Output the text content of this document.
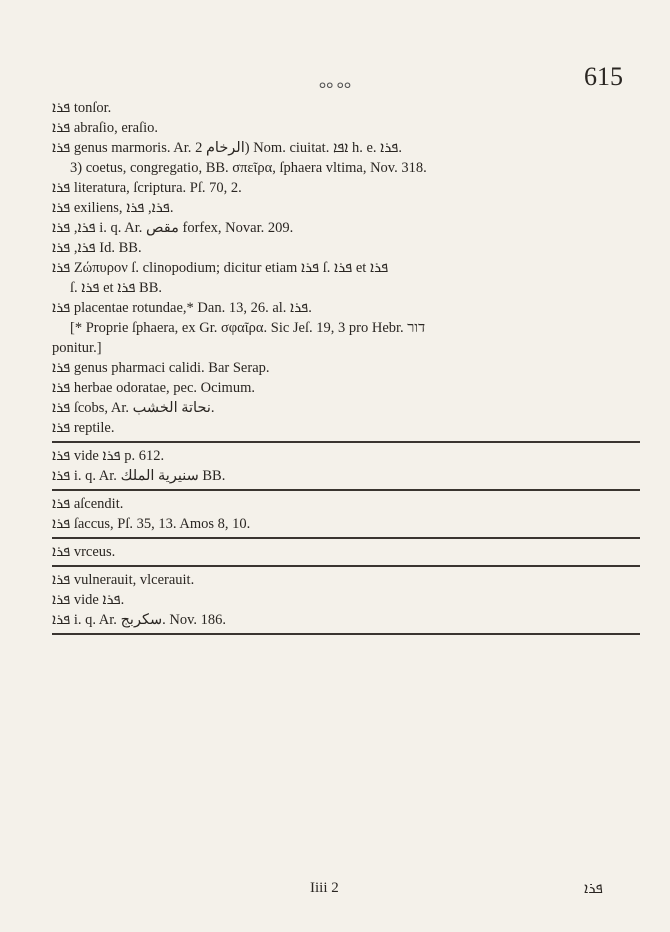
ܘܘ ܘܘ	615
ܦܪܐ tonſor.
ܦܪܐ abraſio, eraſio.
ܦܪܐ genus marmoris. Ar. الرخام 2) Nom. ciuitat. ܐܦܐ h. e. ܦܪܐ.
3) coetus, congregatio, BB. σπεῖρα, ſphaera vltima, Nov. 318.
ܦܪܐ literatura, ſcriptura. Pſ. 70, 2.
ܦܪܐ exiliens, ܦܪܐ, ܦܪܐ.
ܦܪܐ, ܦܪܐ i. q. Ar. مقص forfex, Novar. 209.
ܦܪܐ, ܦܪܐ Id. BB.
ܦܪܐ Ζώπυρον ſ. clinopodium; dicitur etiam ܦܪܐ ſ. ܦܪܐ et ܦܪܐ
ſ. ܦܪܐ et ܦܪܐ BB.
ܦܪܐ placentae rotundae,* Dan. 13, 26. al. ܦܪܐ.
[* Proprie ſphaera, ex Gr. σφαῖρα. Sic Jeſ. 19, 3 pro Hebr. דור
ponitur.]
ܦܪܐ genus pharmaci calidi. Bar Serap.
ܦܪܐ herbae odoratae, pec. Ocimum.
ܦܪܐ ſcobs, Ar. نحاتة الخشب.
ܦܪܐ reptile.
ܦܪܐ vide ܦܪܐ p. 612.
ܦܪܐ i. q. Ar. سنيرية الملك BB.
ܦܪܐ aſcendit.
ܦܪܐ ſaccus, Pſ. 35, 13. Amos 8, 10.
ܦܪܐ vrceus.
ܦܪܐ vulnerauit, vlcerauit.
ܦܪܐ vide ܦܪܐ.
ܦܪܐ i. q. Ar. سكربج. Nov. 186.
Iiii 2	ܦܪܐ
